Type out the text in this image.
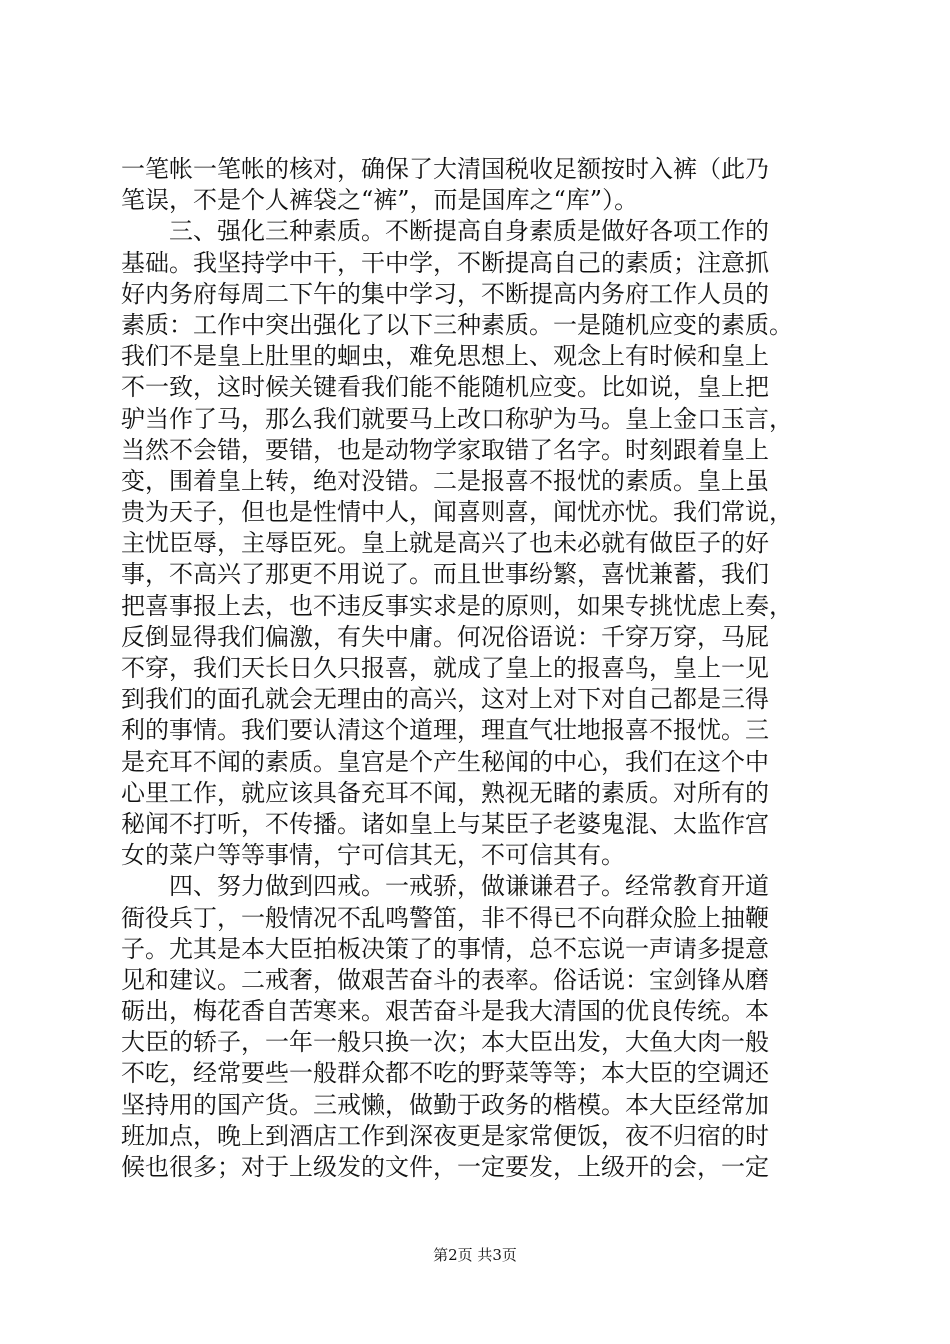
一笔帐一笔帐的核对，确保了大清国税收足额按时入裤（此乃
笔误，不是个人裤袋之“裤”，而是国库之“库”）。
　　三、强化三种素质。不断提高自身素质是做好各项工作的
基础。我坚持学中干，干中学，不断提高自己的素质；注意抓
好内务府每周二下午的集中学习，不断提高内务府工作人员的
素质：工作中突出强化了以下三种素质。一是随机应变的素质。
我们不是皇上肚里的蛔虫，难免思想上、观念上有时候和皇上
不一致，这时候关键看我们能不能随机应变。比如说，皇上把
驴当作了马，那么我们就要马上改口称驴为马。皇上金口玉言，
当然不会错，要错，也是动物学家取错了名字。时刻跟着皇上
变，围着皇上转，绝对没错。二是报喜不报忧的素质。皇上虽
贵为天子，但也是性情中人，闻喜则喜，闻忧亦忧。我们常说，
主忧臣辱，主辱臣死。皇上就是高兴了也未必就有做臣子的好
事，不高兴了那更不用说了。而且世事纷繁，喜忧兼蓄，我们
把喜事报上去，也不违反事实求是的原则，如果专挑忧虑上奏，
反倒显得我们偏激，有失中庸。何况俗语说：千穿万穿，马屁
不穿，我们天长日久只报喜，就成了皇上的报喜鸟，皇上一见
到我们的面孔就会无理由的高兴，这对上对下对自己都是三得
利的事情。我们要认清这个道理，理直气壮地报喜不报忧。三
是充耳不闻的素质。皇宫是个产生秘闻的中心，我们在这个中
心里工作，就应该具备充耳不闻，熟视无睹的素质。对所有的
秘闻不打听，不传播。诸如皇上与某臣子老婆鬼混、太监作宫
女的菜户等等事情，宁可信其无，不可信其有。
　　四、努力做到四戒。一戒骄，做谦谦君子。经常教育开道
衙役兵丁，一般情况不乱鸣警笛，非不得已不向群众脸上抽鞭
子。尤其是本大臣拍板决策了的事情，总不忘说一声请多提意
见和建议。二戒奢，做艰苦奋斗的表率。俗话说：宝剑锋从磨
砺出，梅花香自苦寒来。艰苦奋斗是我大清国的优良传统。本
大臣的轿子，一年一般只换一次；本大臣出发，大鱼大肉一般
不吃，经常要些一般群众都不吃的野菜等等；本大臣的空调还
坚持用的国产货。三戒懒，做勤于政务的楷模。本大臣经常加
班加点，晚上到酒店工作到深夜更是家常便饭，夜不归宿的时
候也很多；对于上级发的文件，一定要发，上级开的会，一定
第2页 共3页
